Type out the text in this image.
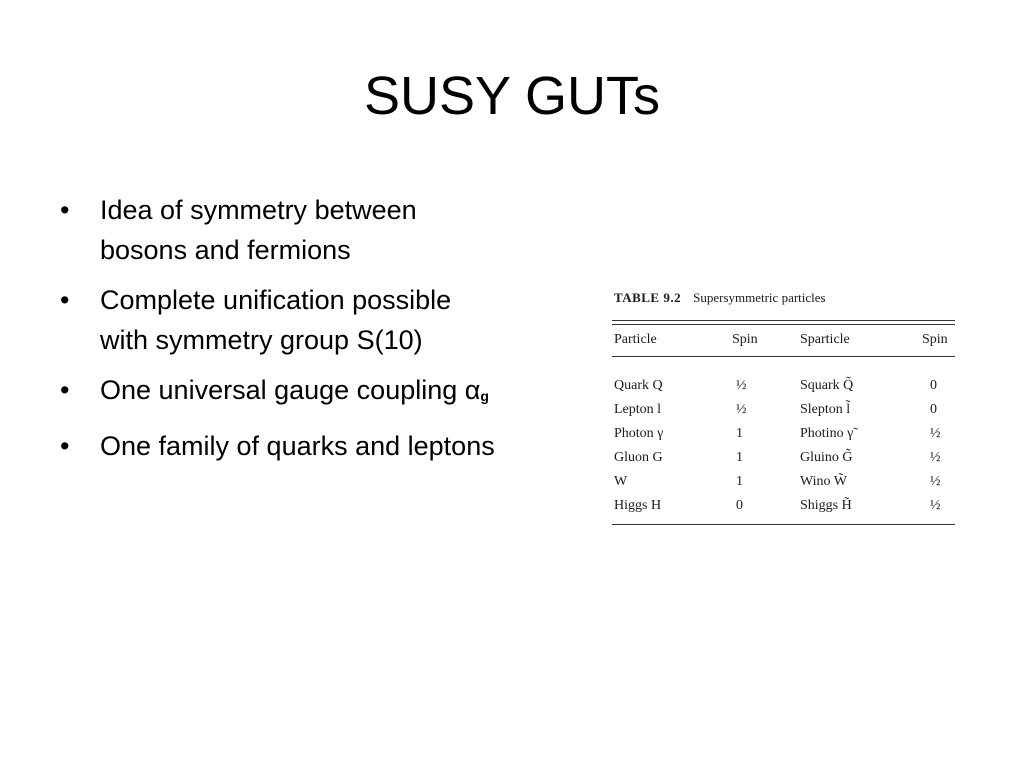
SUSY GUTs
• Idea of symmetry between bosons and fermions
• Complete unification possible with symmetry group S(10)
• One universal gauge coupling $\alpha_g$
• One family of quarks and leptons
TABLE 9.2 Supersymmetric particles
Particle	Spin	Sparticle	Spin
Quark Q	½	Squark Q̃	0
Lepton l	½	Slepton l̃	0
Photon γ	1	Photino γ̃	½
Gluon G	1	Gluino G̃	½
W	1	Wino W̃	½
Higgs H	0	Shiggs H̃	½
